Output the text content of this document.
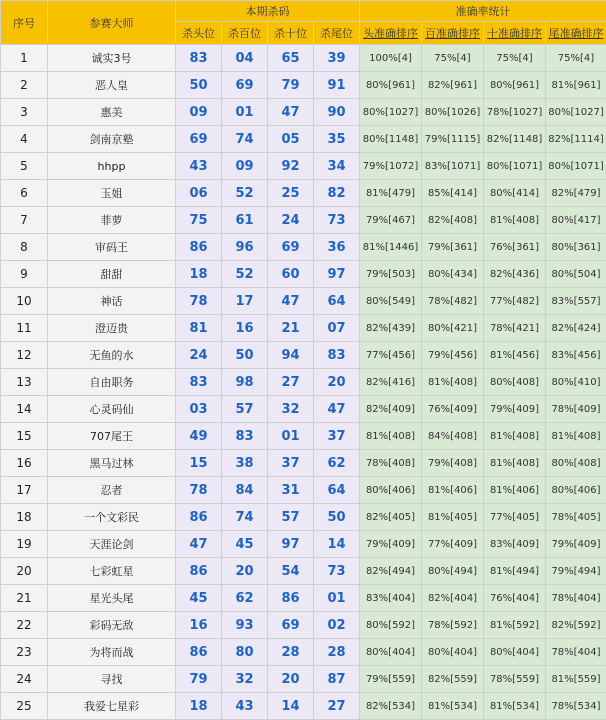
序号	参赛大师	本期杀码				准确率统计			
		杀头位	杀百位	杀十位	杀尾位	头准确排序	百准确排序	十准确排序	尾准确排序
1	诚实3号	83	04	65	39	100%[4]	75%[4]	75%[4]	75%[4]
2	恶人皇	50	69	79	91	80%[961]	82%[961]	80%[961]	81%[961]
3	惠美	09	01	47	90	80%[1027]	80%[1026]	78%[1027]	80%[1027]
4	剑南京塾	69	74	05	35	80%[1148]	79%[1115]	82%[1148]	82%[1114]
5	hhpp	43	09	92	34	79%[1072]	83%[1071]	80%[1071]	80%[1071]
6	玉姐	06	52	25	82	81%[479]	85%[414]	80%[414]	82%[479]
7	菲萝	75	61	24	73	79%[467]	82%[408]	81%[408]	80%[417]
8	审码王	86	96	69	36	81%[1446]	79%[361]	76%[361]	80%[361]
9	甜甜	18	52	60	97	79%[503]	80%[434]	82%[436]	80%[504]
10	神话	78	17	47	64	80%[549]	78%[482]	77%[482]	83%[557]
11	澄迈贵	81	16	21	07	82%[439]	80%[421]	78%[421]	82%[424]
12	无鱼的水	24	50	94	83	77%[456]	79%[456]	81%[456]	83%[456]
13	自由职务	83	98	27	20	82%[416]	81%[408]	80%[408]	80%[410]
14	心灵码仙	03	57	32	47	82%[409]	76%[409]	79%[409]	78%[409]
15	707尾王	49	83	01	37	81%[408]	84%[408]	81%[408]	81%[408]
16	黑马过林	15	38	37	62	78%[408]	79%[408]	81%[408]	80%[408]
17	忍者	78	84	31	64	80%[406]	81%[406]	81%[406]	80%[406]
18	一个文彩民	86	74	57	50	82%[405]	81%[405]	77%[405]	78%[405]
19	天涯论剑	47	45	97	14	79%[409]	77%[409]	83%[409]	79%[409]
20	七彩虹星	86	20	54	73	82%[494]	80%[494]	81%[494]	79%[494]
21	星光头尾	45	62	86	01	83%[404]	82%[404]	76%[404]	78%[404]
22	彩码无敌	16	93	69	02	80%[592]	78%[592]	81%[592]	82%[592]
23	为将而战	86	80	28	28	80%[404]	80%[404]	80%[404]	78%[404]
24	寻找	79	32	20	87	79%[559]	82%[559]	78%[559]	81%[559]
25	我爱七星彩	18	43	14	27	82%[534]	81%[534]	81%[534]	78%[534]
